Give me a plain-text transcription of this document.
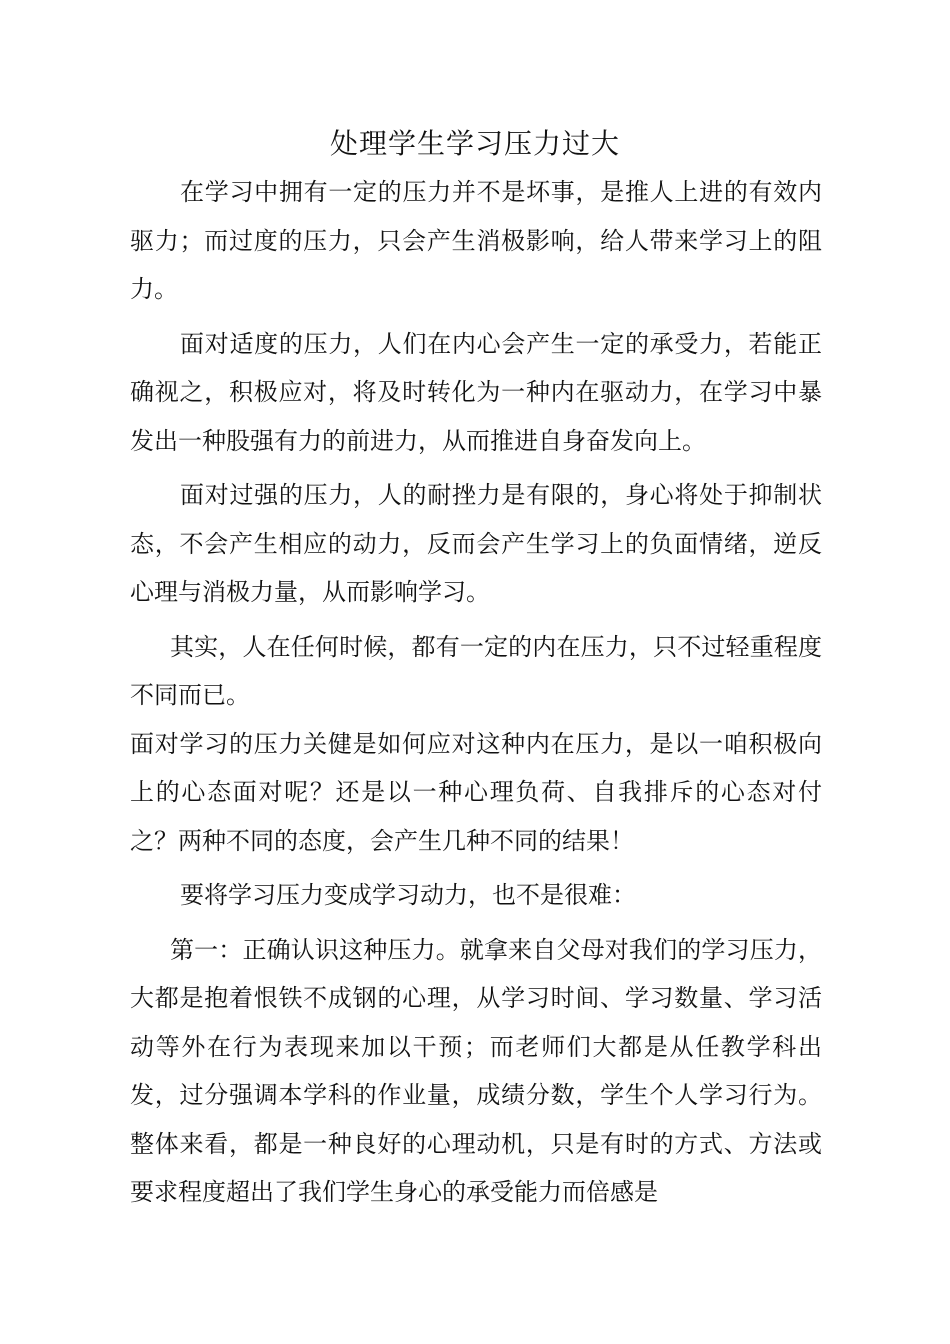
处理学生学习压力过大

在学习中拥有一定的压力并不是坏事，是推人上进的有效内驱力；而过度的压力，只会产生消极影响，给人带来学习上的阻力。

面对适度的压力，人们在内心会产生一定的承受力，若能正确视之，积极应对，将及时转化为一种内在驱动力，在学习中暴发出一种股强有力的前进力，从而推进自身奋发向上。

面对过强的压力，人的耐挫力是有限的，身心将处于抑制状态，不会产生相应的动力，反而会产生学习上的负面情绪，逆反心理与消极力量，从而影响学习。

其实，人在任何时候，都有一定的内在压力，只不过轻重程度不同而已。

面对学习的压力关健是如何应对这种内在压力，是以一咱积极向上的心态面对呢？还是以一种心理负荷、自我排斥的心态对付之？两种不同的态度，会产生几种不同的结果！

要将学习压力变成学习动力，也不是很难：

第一：正确认识这种压力。就拿来自父母对我们的学习压力，大都是抱着恨铁不成钢的心理，从学习时间、学习数量、学习活动等外在行为表现来加以干预；而老师们大都是从任教学科出发，过分强调本学科的作业量，成绩分数，学生个人学习行为。整体来看，都是一种良好的心理动机，只是有时的方式、方法或要求程度超出了我们学生身心的承受能力而倍感是
